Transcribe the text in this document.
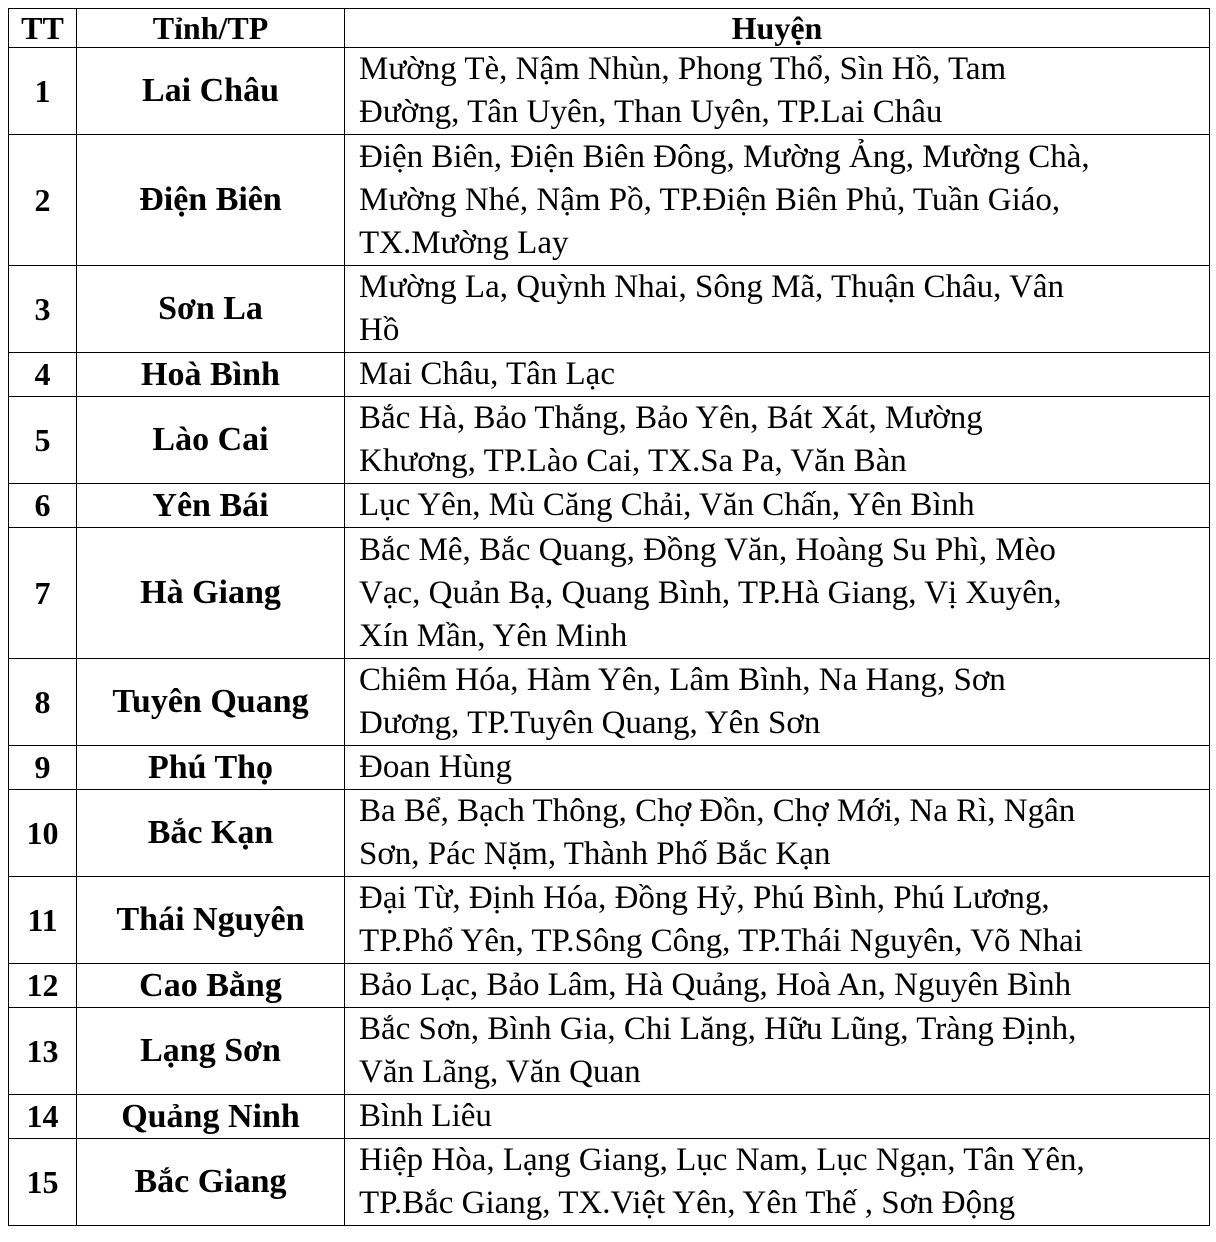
TT	Tỉnh/TP	Huyện
1	Lai Châu	Mường Tè, Nậm Nhùn, Phong Thổ, Sìn Hồ, Tam
Đường, Tân Uyên, Than Uyên, TP.Lai Châu

2	Điện Biên	Điện Biên, Điện Biên Đông, Mường Ảng, Mường Chà,
Mường Nhé, Nậm Pồ, TP.Điện Biên Phủ, Tuần Giáo,
TX.Mường Lay

3	Sơn La	Mường La, Quỳnh Nhai, Sông Mã, Thuận Châu, Vân
Hồ

4	Hoà Bình	Mai Châu, Tân Lạc

5	Lào Cai	Bắc Hà, Bảo Thắng, Bảo Yên, Bát Xát, Mường
Khương, TP.Lào Cai, TX.Sa Pa, Văn Bàn

6	Yên Bái	Lục Yên, Mù Căng Chải, Văn Chấn, Yên Bình

7	Hà Giang	Bắc Mê, Bắc Quang, Đồng Văn, Hoàng Su Phì, Mèo
Vạc, Quản Bạ, Quang Bình, TP.Hà Giang, Vị Xuyên,
Xín Mần, Yên Minh

8	Tuyên Quang	Chiêm Hóa, Hàm Yên, Lâm Bình, Na Hang, Sơn
Dương, TP.Tuyên Quang, Yên Sơn

9	Phú Thọ	Đoan Hùng

10	Bắc Kạn	Ba Bể, Bạch Thông, Chợ Đồn, Chợ Mới, Na Rì, Ngân
Sơn, Pác Nặm, Thành Phố Bắc Kạn

11	Thái Nguyên	Đại Từ, Định Hóa, Đồng Hỷ, Phú Bình, Phú Lương,
TP.Phổ Yên, TP.Sông Công, TP.Thái Nguyên, Võ Nhai

12	Cao Bằng	Bảo Lạc, Bảo Lâm, Hà Quảng, Hoà An, Nguyên Bình

13	Lạng Sơn	Bắc Sơn, Bình Gia, Chi Lăng, Hữu Lũng, Tràng Định,
Văn Lãng, Văn Quan

14	Quảng Ninh	Bình Liêu

15	Bắc Giang	Hiệp Hòa, Lạng Giang, Lục Nam, Lục Ngạn, Tân Yên,
TP.Bắc Giang, TX.Việt Yên, Yên Thế , Sơn Động
